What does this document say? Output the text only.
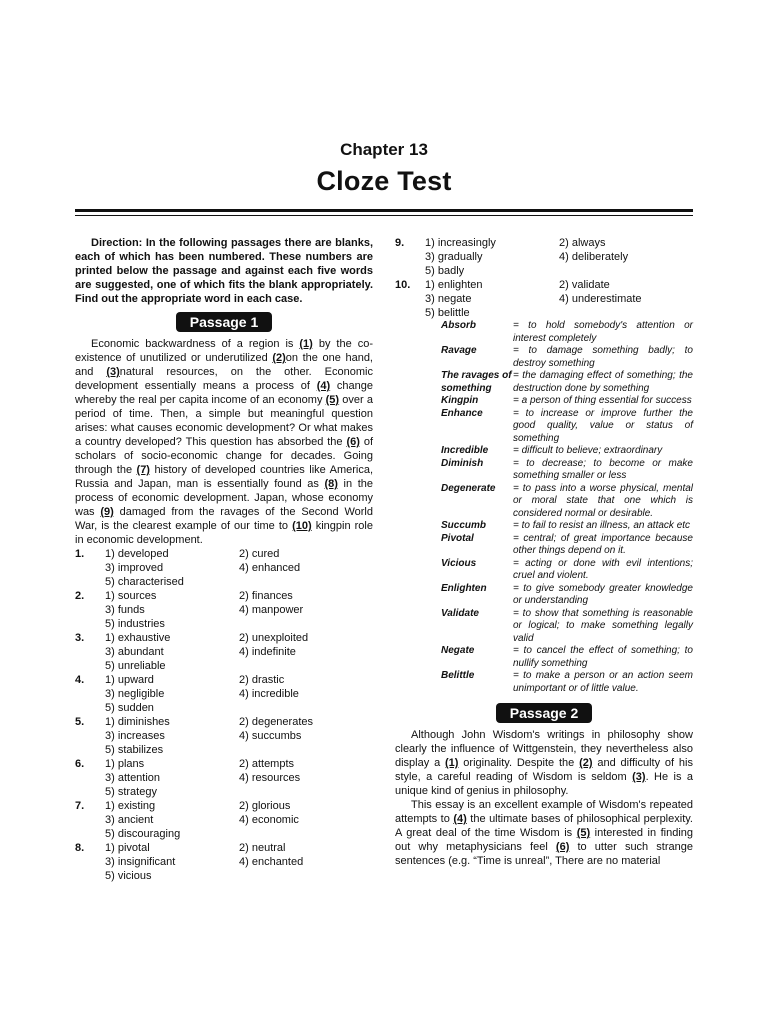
Chapter 13
Cloze Test

Direction: In the following passages there are blanks, each of which has been numbered. These numbers are printed below the passage and against each five words are suggested, one of which fits the blank appropriately. Find out the appropriate word in each case.

Passage 1

Economic backwardness of a region is (1) by the co-existence of unutilized or underutilized (2)on the one hand, and (3)natural resources, on the other. Economic development essentially means a process of (4) change whereby the real per capita income of an economy (5) over a period of time. Then, a simple but meaningful question arises: what causes economic development? Or what makes a country developed? This question has absorbed the (6) of scholars of socio-economic change for decades. Going through the (7) history of developed countries like America, Russia and Japan, man is essentially found as (8) in the process of economic development. Japan, whose economy was (9) damaged from the ravages of the Second World War, is the clearest example of our time to (10) kingpin role in economic development.

1.	1) developed	2) cured
3) improved	4) enhanced
5) characterised
2.	1) sources	2) finances
3) funds	4) manpower
5) industries
3.	1) exhaustive	2) unexploited
3) abundant	4) indefinite
5) unreliable
4.	1) upward	2) drastic
3) negligible	4) incredible
5) sudden
5.	1) diminishes	2) degenerates
3) increases	4) succumbs
5) stabilizes
6.	1) plans	2) attempts
3) attention	4) resources
5) strategy
7.	1) existing	2) glorious
3) ancient	4) economic
5) discouraging
8.	1) pivotal	2) neutral
3) insignificant	4) enchanted
5) vicious
9.	1) increasingly	2) always
3) gradually	4) deliberately
5) badly
10.	1) enlighten	2) validate
3) negate	4) underestimate
5) belittle
Absorb	= to hold somebody's attention or interest completely
Ravage	= to damage something badly; to destroy something
The ravages of something
= the damaging effect of something; the destruction done by something
Kingpin	= a person of thing essential for success
Enhance	= to increase or improve further the good quality, value or status of something
Incredible	= difficult to believe; extraordinary
Diminish	= to decrease; to become or make something smaller or less
Degenerate	= to pass into a worse physical, mental or moral state that one which is considered normal or desirable.
Succumb	= to fail to resist an illness, an attack etc
Pivotal	= central; of great importance because other things depend on it.
Vicious	= acting or done with evil intentions; cruel and violent.
Enlighten	= to give somebody greater knowledge or understanding
Validate	= to show that something is reasonable or logical; to make something legally valid
Negate	= to cancel the effect of something; to nullify something
Belittle	= to make a person or an action seem unimportant or of little value.
Passage 2

Although John Wisdom's writings in philosophy show clearly the influence of Wittgenstein, they nevertheless also display a (1) originality. Despite the (2) and difficulty of his style, a careful reading of Wisdom is seldom (3). He is a unique kind of genius in philosophy.

This essay is an excellent example of Wisdom's repeated attempts to (4) the ultimate bases of philosophical perplexity. A great deal of the time Wisdom is (5) interested in finding out why metaphysicians feel (6) to utter such strange sentences (e.g. “Time is unreal”, There are no material
